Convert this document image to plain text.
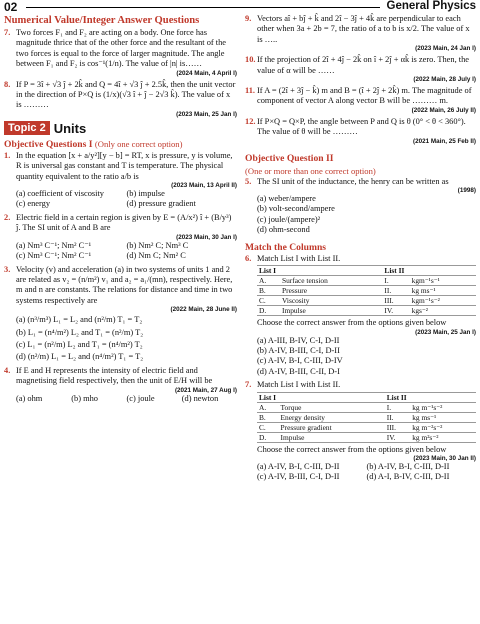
02	General Physics
Numerical Value/Integer Answer Questions
7. Two forces F₁ and F₂ are acting on a body. One force has magnitude thrice that of the other force and the resultant of the two forces is equal to the force of larger magnitude. The angle between F₁ and F₂ is cos⁻¹(1/n). The value of |n| is……
(2024 Main, 4 April I)
8. If P = 3î + √3 ĵ + 2k̂ and Q = 4î + √3 ĵ + 2.5k̂, then the unit vector in the direction of P×Q is (1/x)(√3 î + ĵ − 2√3 k̂). The value of x is ………
(2023 Main, 25 Jan I)
Topic 2 Units
Objective Questions I (Only one correct option)
1. In the equation [x + a/y²][y − b] = RT, x is pressure, y is volume, R is universal gas constant and T is temperature. The physical quantity equivalent to the ratio a/b is
(2023 Main, 13 April II)
(a) coefficient of viscosity	(b) impulse
(c) energy	(d) pressure gradient
2. Electric field in a certain region is given by E = (A/x²) î + (B/y³) ĵ. The SI unit of A and B are
(2023 Main, 30 Jan I)
(a) Nm³ C⁻¹; Nm² C⁻¹	(b) Nm² C; Nm³ C
(c) Nm³ C⁻¹; Nm² C⁻¹	(d) Nm C; Nm² C
3. Velocity (v) and acceleration (a) in two systems of units 1 and 2 are related as v₂ = (n/m²) v₁ and a₂ = a₁/(mn), respectively. Here, m and n are constants. The relations for distance and time in two systems respectively are
(2022 Main, 28 June II)
(a) (n³/m³) L₁ = L₂ and (n²/m) T₁ = T₂
(b) L₁ = (n⁴/m²) L₂ and T₁ = (n²/m) T₂
(c) L₁ = (n²/m) L₂ and T₁ = (n⁴/m²) T₂
(d) (n²/m) L₁ = L₂ and (n⁴/m²) T₁ = T₂
4. If E and H represents the intensity of electric field and magnetising field respectively, then the unit of E/H will be
(2021 Main, 27 Aug I)
(a) ohm	(b) mho	(c) joule	(d) newton
9. Vectors aî + bĵ + k̂ and 2î − 3ĵ + 4k̂ are perpendicular to each other when 3a + 2b = 7, the ratio of a to b is x/2. The value of x is …..
(2023 Main, 24 Jan I)
10. If the projection of 2î + 4ĵ − 2k̂ on î + 2ĵ + αk̂ is zero. Then, the value of α will be ……
(2022 Main, 28 July I)
11. If A = (2î + 3ĵ − k̂) m and B = (î + 2ĵ + 2k̂) m. The magnitude of component of vector A along vector B will be ……… m.
(2022 Main, 26 July II)
12. If P×Q = Q×P, the angle between P and Q is θ (0° < θ < 360°). The value of θ will be ………
(2021 Main, 25 Feb II)
Objective Question II
(One or more than one correct option)
5. The SI unit of the inductance, the henry can be written as
(1998)
(a) weber/ampere
(b) volt-second/ampere
(c) joule/(ampere)²
(d) ohm-second
Match the Columns
6. Match List I with List II.
List I		List II	
A.	Surface tension	I.	kgm⁻¹s⁻¹
B.	Pressure	II.	kg ms⁻¹
C.	Viscosity	III.	kgm⁻¹s⁻²
D.	Impulse	IV.	kgs⁻²
Choose the correct answer from the options given below
(2023 Main, 25 Jan I)
(a) A-III, B-IV, C-I, D-II
(b) A-IV, B-III, C-I, D-II
(c) A-IV, B-I, C-III, D-IV
(d) A-IV, B-III, C-II, D-I
7. Match List I with List II.
List I		List II	
A.	Torque	I.	kg m⁻¹s⁻²
B.	Energy density	II.	kg ms⁻¹
C.	Pressure gradient	III.	kg m⁻²s⁻²
D.	Impulse	IV.	kg m²s⁻²
Choose the correct answer from the options given below
(2023 Main, 30 Jan II)
(a) A-IV, B-I, C-III, D-II	(b) A-IV, B-I, C-III, D-II
(c) A-IV, B-III, C-I, D-II	(d) A-I, B-IV, C-III, D-II
